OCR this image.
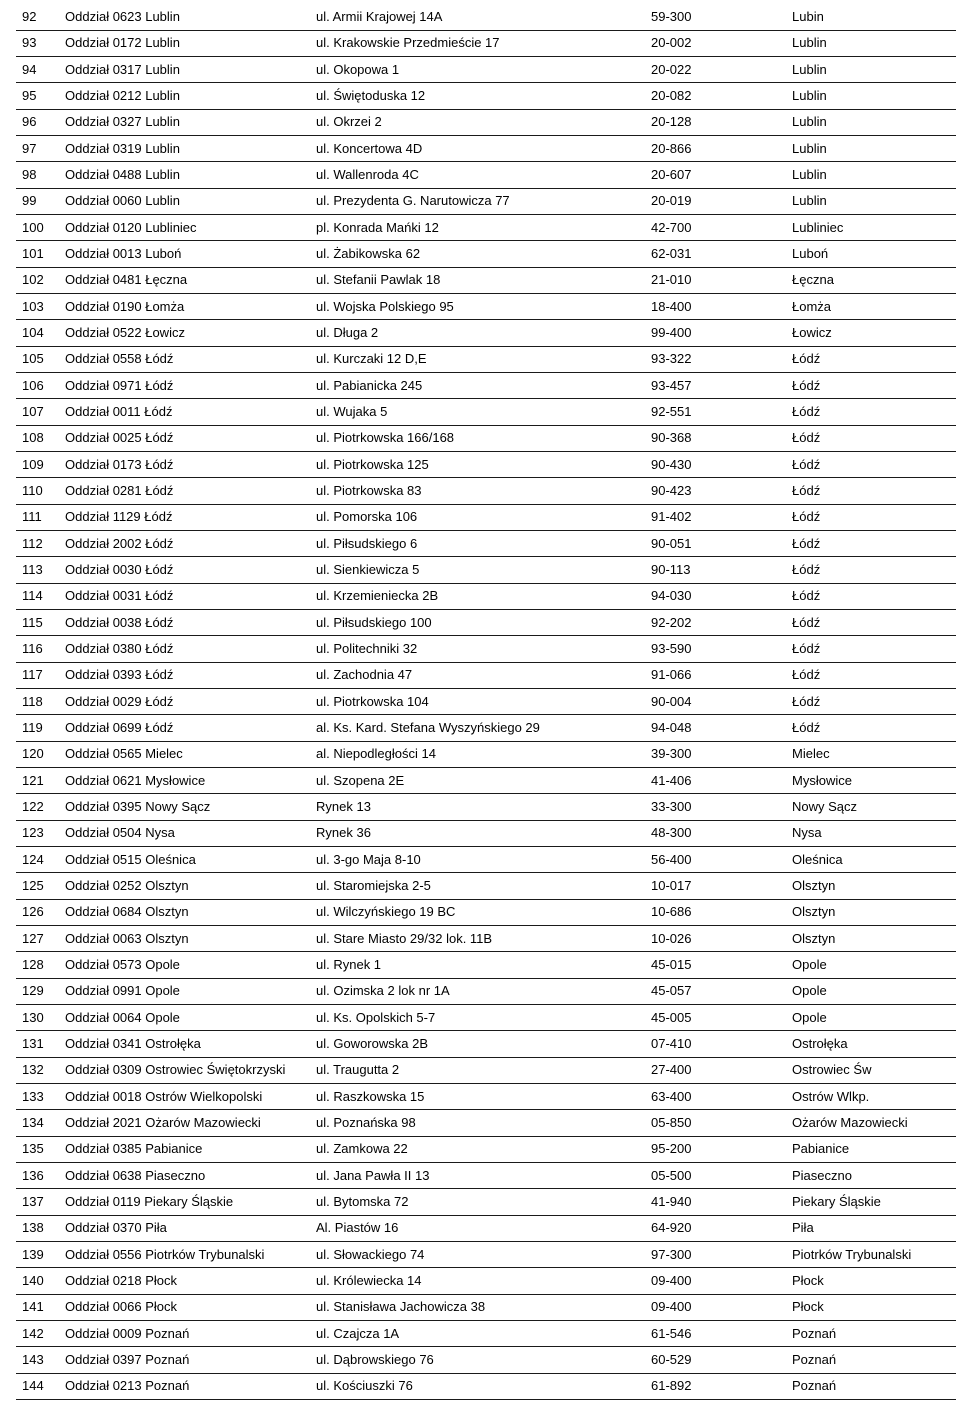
92	Oddział 0623 Lublin	ul. Armii Krajowej 14A	59-300	Lubin
93	Oddział 0172 Lublin	ul. Krakowskie Przedmieście 17	20-002	Lublin
94	Oddział 0317 Lublin	ul. Okopowa 1	20-022	Lublin
95	Oddział 0212 Lublin	ul. Świętoduska 12	20-082	Lublin
96	Oddział 0327 Lublin	ul. Okrzei 2	20-128	Lublin
97	Oddział 0319 Lublin	ul. Koncertowa 4D	20-866	Lublin
98	Oddział 0488 Lublin	ul. Wallenroda 4C	20-607	Lublin
99	Oddział 0060 Lublin	ul. Prezydenta G. Narutowicza 77	20-019	Lublin
100	Oddział 0120 Lubliniec	pl. Konrada Mańki 12	42-700	Lubliniec
101	Oddział 0013 Luboń	ul. Żabikowska 62	62-031	Luboń
102	Oddział 0481 Łęczna	ul. Stefanii Pawlak 18	21-010	Łęczna
103	Oddział 0190 Łomża	ul. Wojska Polskiego 95	18-400	Łomża
104	Oddział 0522 Łowicz	ul. Długa 2	99-400	Łowicz
105	Oddział 0558 Łódź	ul. Kurczaki 12 D,E	93-322	Łódź
106	Oddział 0971 Łódź	ul. Pabianicka 245	93-457	Łódź
107	Oddział 0011 Łódź	ul. Wujaka 5	92-551	Łódź
108	Oddział 0025 Łódź	ul. Piotrkowska 166/168	90-368	Łódź
109	Oddział 0173 Łódź	ul. Piotrkowska 125	90-430	Łódź
110	Oddział 0281 Łódź	ul. Piotrkowska 83	90-423	Łódź
111	Oddział 1129 Łódź	ul. Pomorska 106	91-402	Łódź
112	Oddział 2002 Łódź	ul. Piłsudskiego 6	90-051	Łódź
113	Oddział 0030 Łódź	ul. Sienkiewicza 5	90-113	Łódź
114	Oddział 0031 Łódź	ul. Krzemieniecka 2B	94-030	Łódź
115	Oddział 0038 Łódź	ul. Piłsudskiego 100	92-202	Łódź
116	Oddział 0380 Łódź	ul. Politechniki 32	93-590	Łódź
117	Oddział 0393 Łódź	ul. Zachodnia 47	91-066	Łódź
118	Oddział 0029 Łódź	ul. Piotrkowska 104	90-004	Łódź
119	Oddział 0699 Łódź	al. Ks. Kard. Stefana Wyszyńskiego 29	94-048	Łódź
120	Oddział 0565 Mielec	al. Niepodległości 14	39-300	Mielec
121	Oddział 0621 Mysłowice	ul. Szopena 2E	41-406	Mysłowice
122	Oddział 0395 Nowy Sącz	Rynek 13	33-300	Nowy Sącz
123	Oddział 0504 Nysa	Rynek 36	48-300	Nysa
124	Oddział 0515 Oleśnica	ul. 3-go Maja 8-10	56-400	Oleśnica
125	Oddział 0252 Olsztyn	ul. Staromiejska 2-5	10-017	Olsztyn
126	Oddział 0684 Olsztyn	ul. Wilczyńskiego 19 BC	10-686	Olsztyn
127	Oddział 0063 Olsztyn	ul. Stare Miasto 29/32 lok. 11B	10-026	Olsztyn
128	Oddział 0573 Opole	ul. Rynek 1	45-015	Opole
129	Oddział 0991 Opole	ul. Ozimska 2 lok nr 1A	45-057	Opole
130	Oddział 0064 Opole	ul. Ks. Opolskich 5-7	45-005	Opole
131	Oddział 0341 Ostrołęka	ul. Goworowska 2B	07-410	Ostrołęka
132	Oddział 0309 Ostrowiec Świętokrzyski	ul. Traugutta 2	27-400	Ostrowiec Św
133	Oddział 0018 Ostrów Wielkopolski	ul. Raszkowska 15	63-400	Ostrów Wlkp.
134	Oddział 2021 Ożarów Mazowiecki	ul. Poznańska 98	05-850	Ożarów Mazowiecki
135	Oddział 0385 Pabianice	ul. Zamkowa 22	95-200	Pabianice
136	Oddział 0638 Piaseczno	ul. Jana Pawła II 13	05-500	Piaseczno
137	Oddział 0119 Piekary Śląskie	ul. Bytomska 72	41-940	Piekary Śląskie
138	Oddział 0370 Piła	Al. Piastów 16	64-920	Piła
139	Oddział 0556 Piotrków Trybunalski	ul. Słowackiego 74	97-300	Piotrków Trybunalski
140	Oddział 0218 Płock	ul. Królewiecka 14	09-400	Płock
141	Oddział 0066 Płock	ul. Stanisława Jachowicza 38	09-400	Płock
142	Oddział 0009 Poznań	ul. Czajcza 1A	61-546	Poznań
143	Oddział 0397 Poznań	ul. Dąbrowskiego 76	60-529	Poznań
144	Oddział 0213 Poznań	ul. Kościuszki 76	61-892	Poznań
